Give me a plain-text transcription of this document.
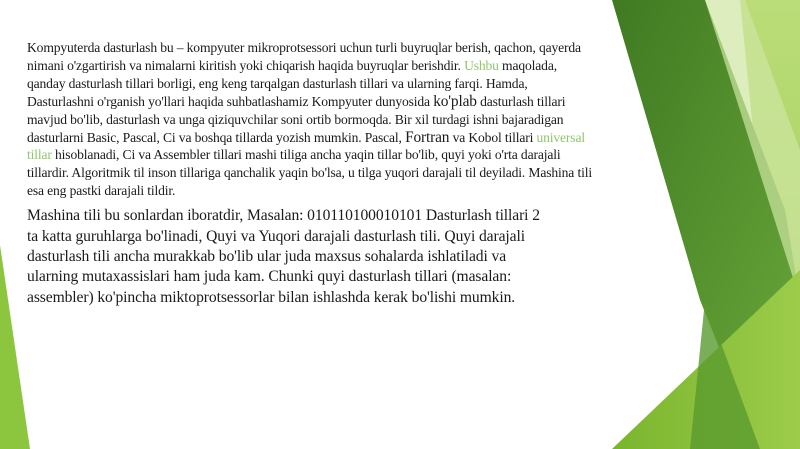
Kompyuterda dasturlash bu – kompyuter mikroprotsessori uchun turli buyruqlar berish, qachon, qayerda nimani o'zgartirish va nimalarni kiritish yoki chiqarish haqida buyruqlar berishdir. Ushbu maqolada, qanday dasturlash tillari borligi, eng keng tarqalgan dasturlash tillari va ularning farqi. Hamda, Dasturlashni o'rganish yo'llari haqida suhbatlashamiz Kompyuter dunyosida ko'plab dasturlash tillari mavjud bo'lib, dasturlash va unga qiziquvchilar soni ortib bormoqda. Bir xil turdagi ishni bajaradigan dasturlarni Basic, Pascal, Ci va boshqa tillarda yozish mumkin. Pascal, Fortran va Kobol tillari universal tillar hisoblanadi, Ci va Assembler tillari mashi tiliga ancha yaqin tillar bo'lib, quyi yoki o'rta darajali tillardir. Algoritmik til inson tillariga qanchalik yaqin bo'lsa, u tilga yuqori darajali til deyiladi. Mashina tili esa eng pastki darajali tildir.

Mashina tili bu sonlardan iboratdir, Masalan: 010110100010101 Dasturlash tillari 2 ta katta guruhlarga bo'linadi, Quyi va Yuqori darajali dasturlash tili. Quyi darajali dasturlash tili ancha murakkab bo'lib ular juda maxsus sohalarda ishlatiladi va ularning mutaxassislari ham juda kam. Chunki quyi dasturlash tillari (masalan: assembler) ko'pincha miktoprotsessorlar bilan ishlashda kerak bo'lishi mumkin.
